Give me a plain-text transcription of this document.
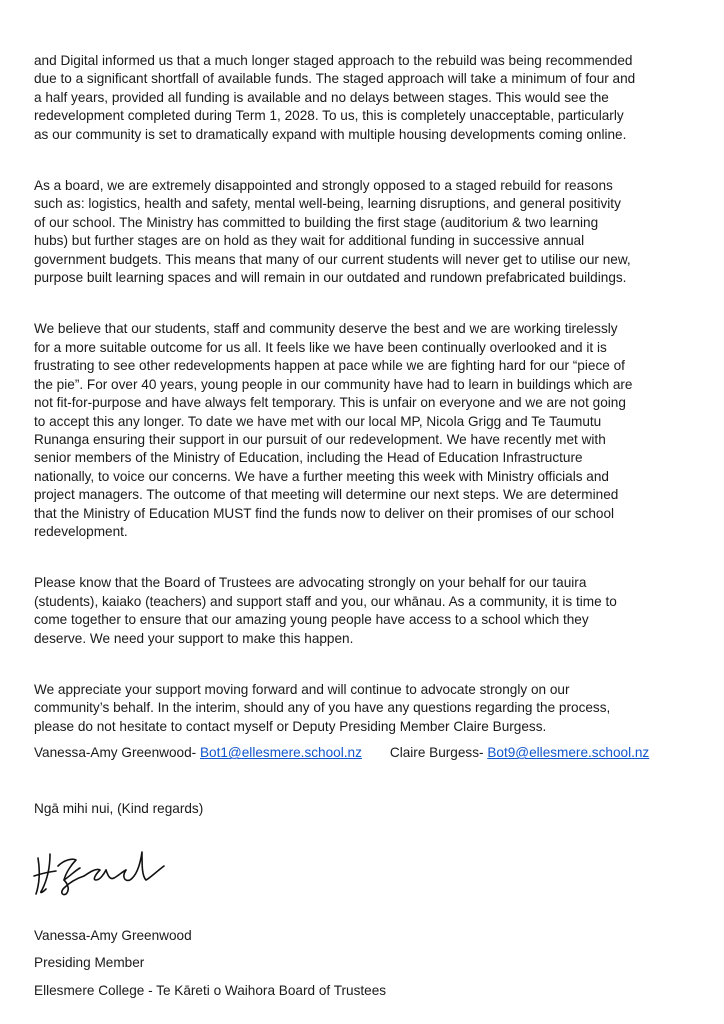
and Digital informed us that a much longer staged approach to the rebuild was being recommended
due to a significant shortfall of available funds. The staged approach will take a minimum of four and
a half years, provided all funding is available and no delays between stages. This would see the
redevelopment completed during Term 1, 2028. To us, this is completely unacceptable, particularly
as our community is set to dramatically expand with multiple housing developments coming online.

As a board, we are extremely disappointed and strongly opposed to a staged rebuild for reasons
such as: logistics, health and safety, mental well-being, learning disruptions, and general positivity
of our school. The Ministry has committed to building the first stage (auditorium & two learning
hubs) but further stages are on hold as they wait for additional funding in successive annual
government budgets. This means that many of our current students will never get to utilise our new,
purpose built learning spaces and will remain in our outdated and rundown prefabricated buildings.

We believe that our students, staff and community deserve the best and we are working tirelessly
for a more suitable outcome for us all. It feels like we have been continually overlooked and it is
frustrating to see other redevelopments happen at pace while we are fighting hard for our “piece of
the pie”. For over 40 years, young people in our community have had to learn in buildings which are
not fit-for-purpose and have always felt temporary. This is unfair on everyone and we are not going
to accept this any longer. To date we have met with our local MP, Nicola Grigg and Te Taumutu
Runanga ensuring their support in our pursuit of our redevelopment. We have recently met with
senior members of the Ministry of Education, including the Head of Education Infrastructure
nationally, to voice our concerns. We have a further meeting this week with Ministry officials and
project managers. The outcome of that meeting will determine our next steps. We are determined
that the Ministry of Education MUST find the funds now to deliver on their promises of our school
redevelopment.

Please know that the Board of Trustees are advocating strongly on your behalf for our tauira
(students), kaiako (teachers) and support staff and you, our whānau. As a community, it is time to
come together to ensure that our amazing young people have access to a school which they
deserve. We need your support to make this happen.

We appreciate your support moving forward and will continue to advocate strongly on our
community’s behalf. In the interim, should any of you have any questions regarding the process,
please do not hesitate to contact myself or Deputy Presiding Member Claire Burgess.

Vanessa-Amy Greenwood- Bot1@ellesmere.school.nz Claire Burgess- Bot9@ellesmere.school.nz

Ngā mihi nui, (Kind regards)

Vanessa-Amy Greenwood
Presiding Member
Ellesmere College - Te Kāreti o Waihora Board of Trustees
